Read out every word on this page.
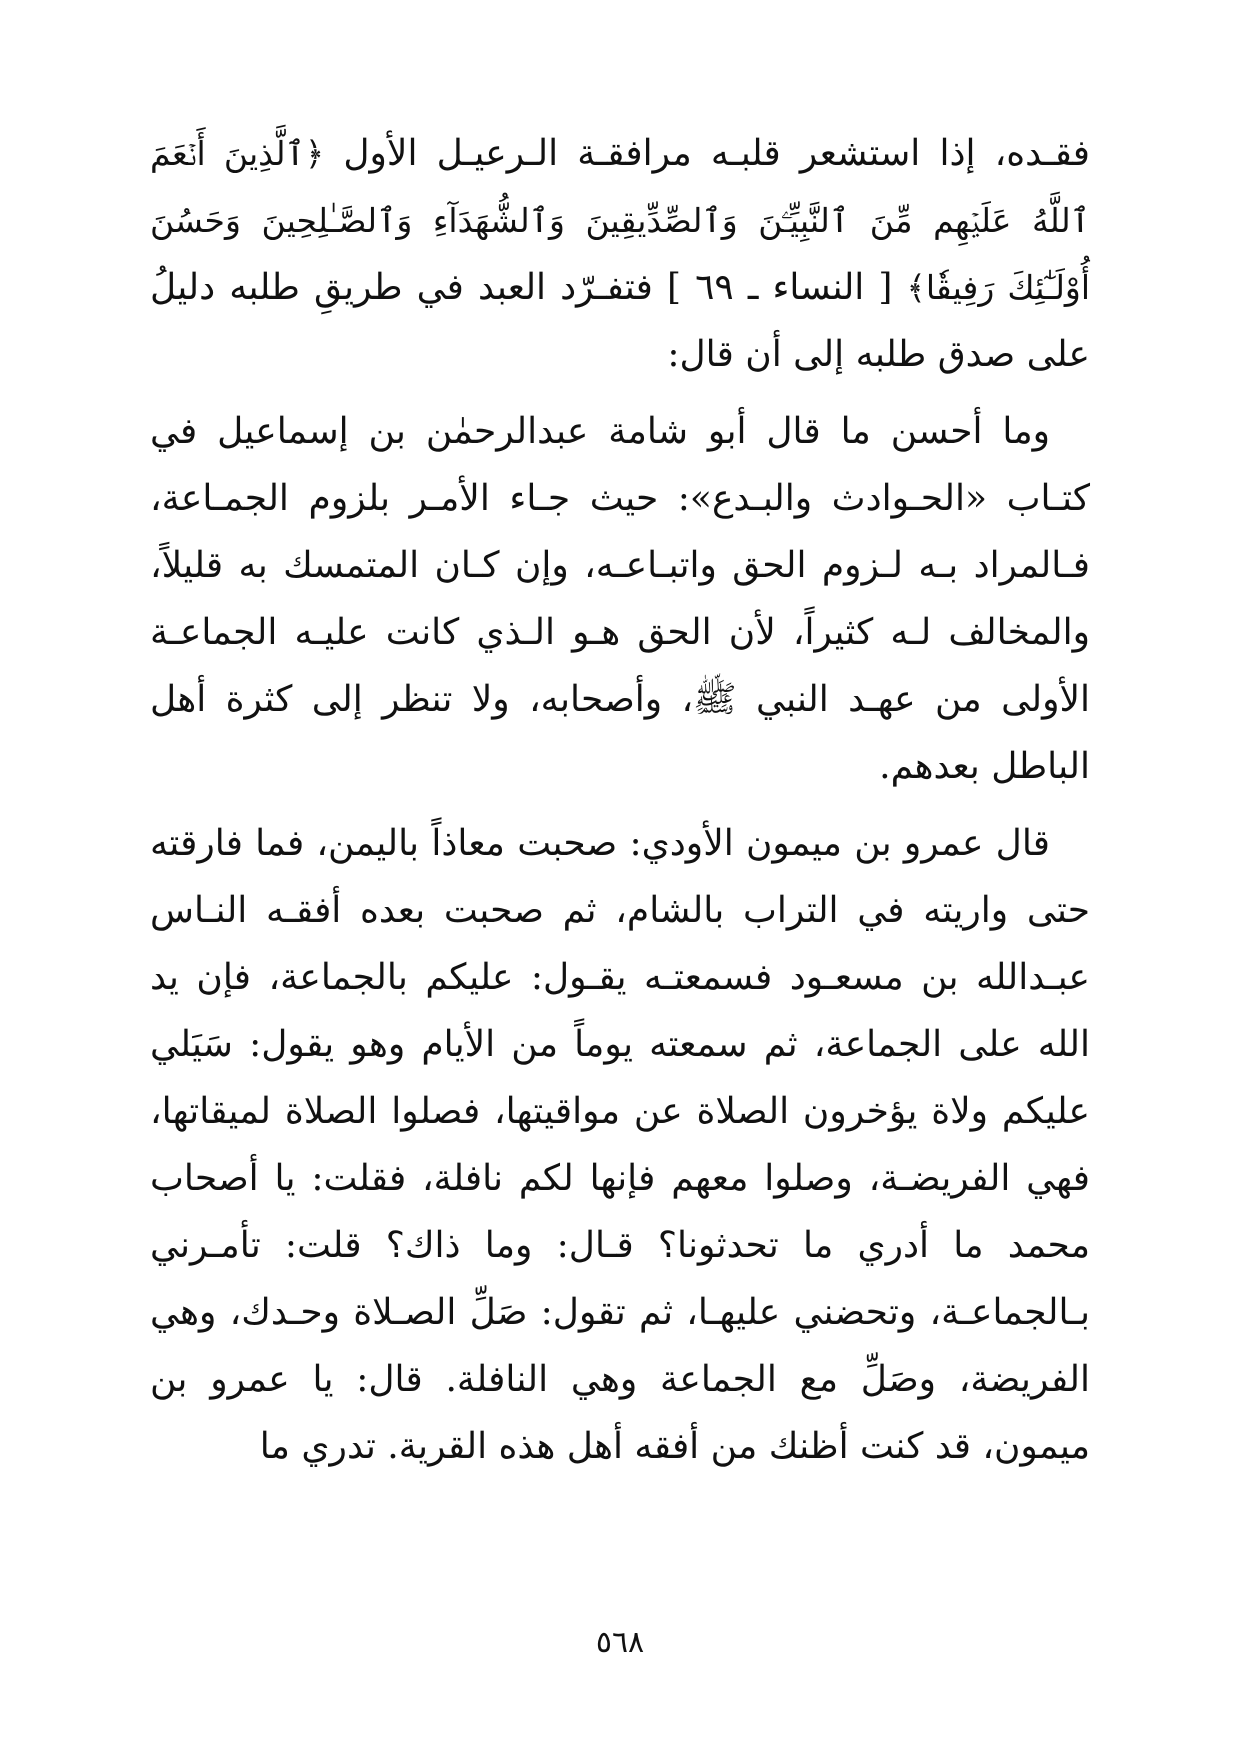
فقـده، إذا استشعر قلبـه مرافقـة الـرعيـل الأول ﴿ٱلَّذِينَ أَنۡعَمَ ٱللَّهُ عَلَيۡهِم مِّنَ ٱلنَّبِيِّـۧنَ وَٱلصِّدِّيقِينَ وَٱلشُّهَدَآءِ وَٱلصَّـٰلِحِينَ وَحَسُنَ أُوْلَـٰٓئِكَ رَفِيقٗا﴾ [ النساء ـ ٦٩ ] فتفـرّد العبد في طريقِ طلبه دليلُ على صدق طلبه إلى أن قال:

وما أحسن ما قال أبو شامة عبدالرحمٰن بن إسماعيل في كتـاب «الحـوادث والبـدع»: حيث جـاء الأمـر بلزوم الجمـاعة، فـالمراد بـه لـزوم الحق واتبـاعـه، وإن كـان المتمسك به قليلاً، والمخالف لـه كثيراً، لأن الحق هـو الـذي كانت عليـه الجماعـة الأولى من عهـد النبي ﷺ، وأصحابه، ولا تنظر إلى كثرة أهل الباطل بعدهم.

قال عمرو بن ميمون الأودي: صحبت معاذاً باليمن، فما فارقته حتى واريته في التراب بالشام، ثم صحبت بعده أفقـه النـاس عبـدالله بن مسعـود فسمعتـه يقـول: عليكم بالجماعة، فإن يد الله على الجماعة، ثم سمعته يوماً من الأيام وهو يقول: سَيَلي عليكم ولاة يؤخرون الصلاة عن مواقيتها، فصلوا الصلاة لميقاتها، فهي الفريضـة، وصلوا معهم فإنها لكم نافلة، فقلت: يا أصحاب محمد ما أدري ما تحدثونا؟ قـال: وما ذاك؟ قلت: تأمـرني بـالجماعـة، وتحضني عليهـا، ثم تقول: صَلِّ الصـلاة وحـدك، وهي الفريضة، وصَلِّ مع الجماعة وهي النافلة. قال: يا عمرو بن ميمون، قد كنت أظنك من أفقه أهل هذه القرية. تدري ما

٥٦٨
